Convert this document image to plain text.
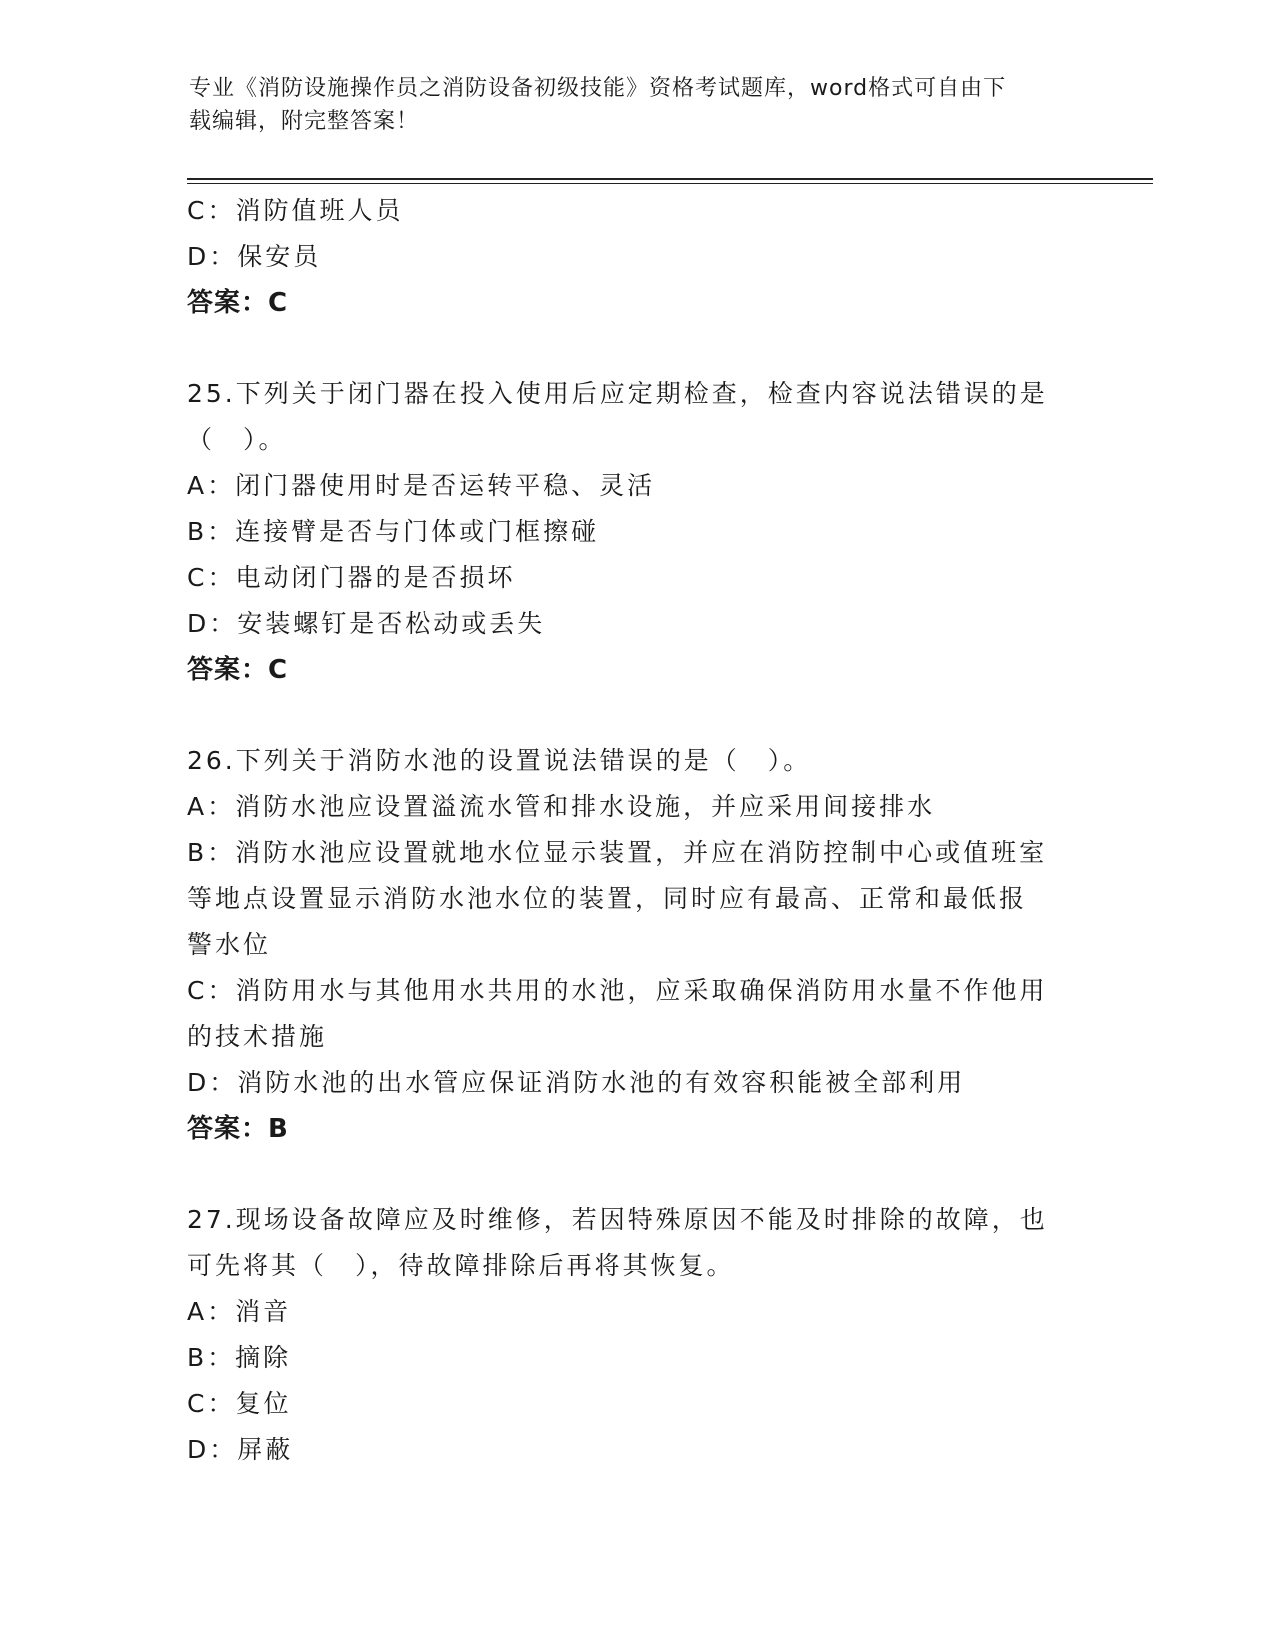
专业《消防设施操作员之消防设备初级技能》资格考试题库，word格式可自由下
载编辑，附完整答案！
C：消防值班人员
D：保安员
答案：C
25.下列关于闭门器在投入使用后应定期检查，检查内容说法错误的是
（　）。
A：闭门器使用时是否运转平稳、灵活
B：连接臂是否与门体或门框擦碰
C：电动闭门器的是否损坏
D：安装螺钉是否松动或丢失
答案：C
26.下列关于消防水池的设置说法错误的是（　）。
A：消防水池应设置溢流水管和排水设施，并应采用间接排水
B：消防水池应设置就地水位显示装置，并应在消防控制中心或值班室
等地点设置显示消防水池水位的装置，同时应有最高、正常和最低报
警水位
C：消防用水与其他用水共用的水池，应采取确保消防用水量不作他用
的技术措施
D：消防水池的出水管应保证消防水池的有效容积能被全部利用
答案：B
27.现场设备故障应及时维修，若因特殊原因不能及时排除的故障，也
可先将其（　），待故障排除后再将其恢复。
A：消音
B：摘除
C：复位
D：屏蔽
